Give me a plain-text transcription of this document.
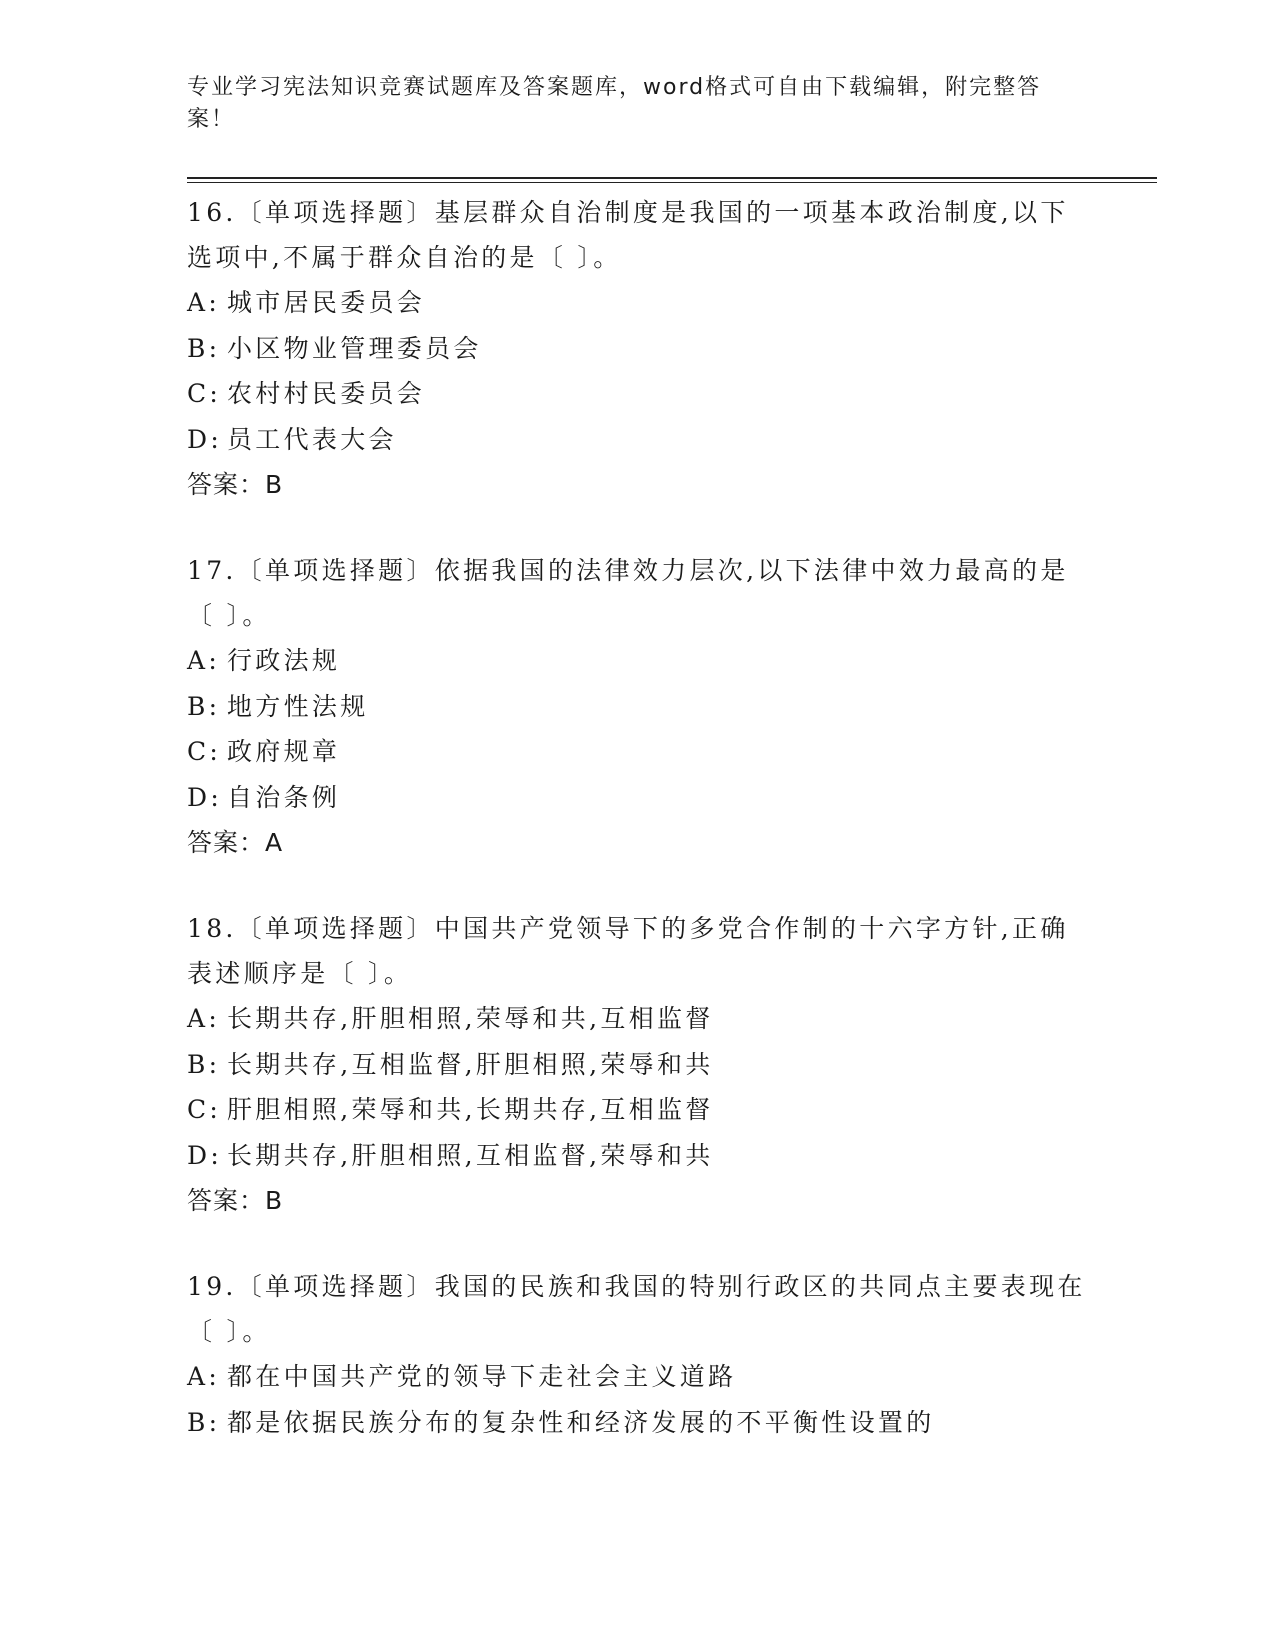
专业学习宪法知识竞赛试题库及答案题库，word格式可自由下载编辑，附完整答案！

16.〔单项选择题〕基层群众自治制度是我国的一项基本政治制度,以下选项中,不属于群众自治的是〔 〕。

A: 城市居民委员会
B: 小区物业管理委员会
C: 农村村民委员会
D: 员工代表大会
答案：B

17.〔单项选择题〕依据我国的法律效力层次,以下法律中效力最高的是〔 〕。

A: 行政法规
B: 地方性法规
C: 政府规章
D: 自治条例
答案：A

18.〔单项选择题〕中国共产党领导下的多党合作制的十六字方针,正确表述顺序是〔 〕。

A: 长期共存,肝胆相照,荣辱和共,互相监督
B: 长期共存,互相监督,肝胆相照,荣辱和共
C: 肝胆相照,荣辱和共,长期共存,互相监督
D: 长期共存,肝胆相照,互相监督,荣辱和共
答案：B

19.〔单项选择题〕我国的民族和我国的特别行政区的共同点主要表现在〔 〕。

A: 都在中国共产党的领导下走社会主义道路
B: 都是依据民族分布的复杂性和经济发展的不平衡性设置的
